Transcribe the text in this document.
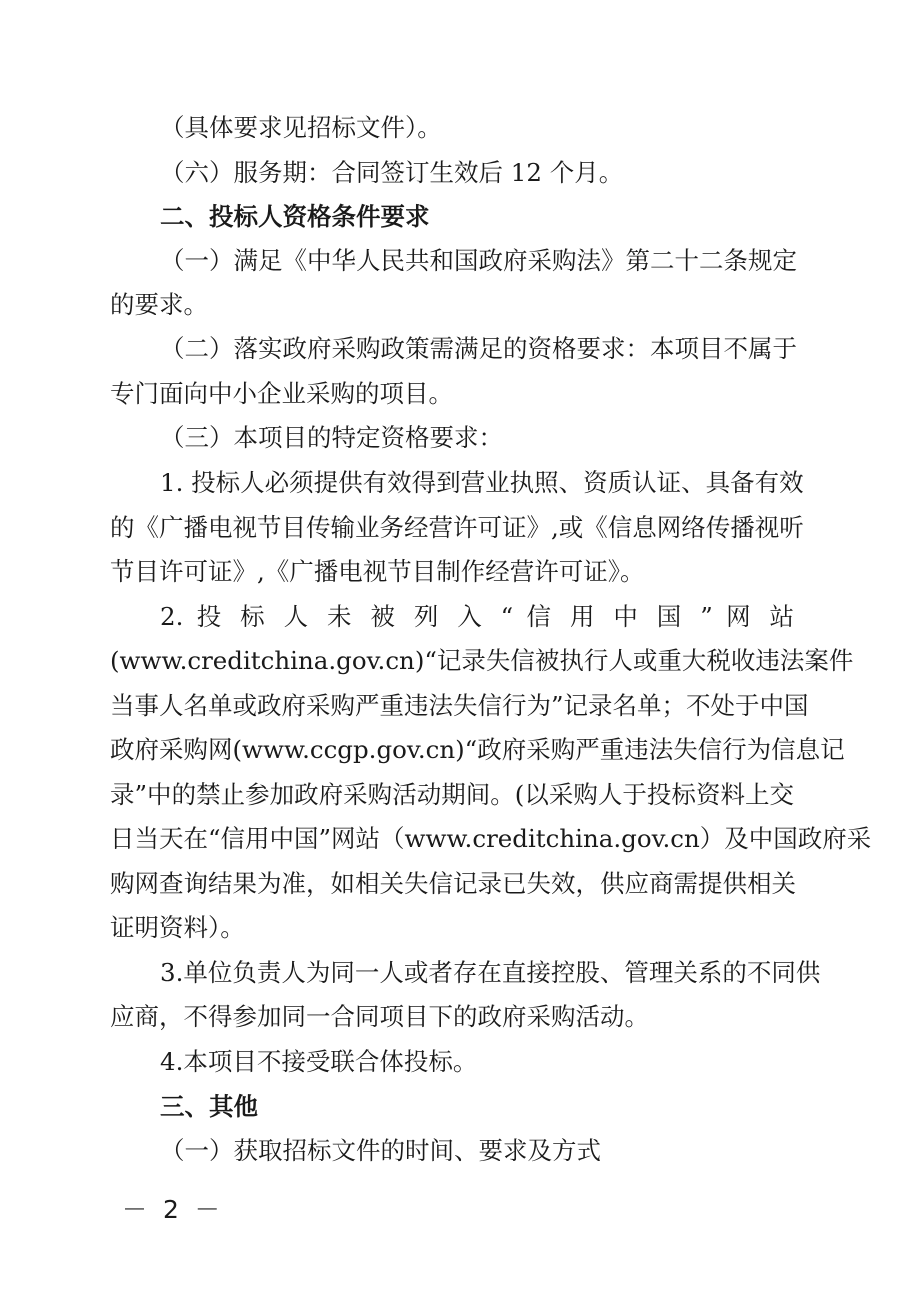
（具体要求见招标文件）。
（六）服务期：合同签订生效后 12 个月。
二、投标人资格条件要求
（一）满足《中华人民共和国政府采购法》第二十二条规定
的要求。
（二）落实政府采购政策需满足的资格要求：本项目不属于
专门面向中小企业采购的项目。
（三）本项目的特定资格要求：
1. 投标人必须提供有效得到营业执照、资质认证、具备有效
的《广播电视节目传输业务经营许可证》,或《信息网络传播视听
节目许可证》,《广播电视节目制作经营许可证》。
2. 投 标 人 未 被 列 入 “ 信 用 中 国 ” 网 站
(www.creditchina.gov.cn)“记录失信被执行人或重大税收违法案件
当事人名单或政府采购严重违法失信行为”记录名单；不处于中国
政府采购网(www.ccgp.gov.cn)“政府采购严重违法失信行为信息记
录”中的禁止参加政府采购活动期间。(以采购人于投标资料上交
日当天在“信用中国”网站（www.creditchina.gov.cn）及中国政府采
购网查询结果为准，如相关失信记录已失效，供应商需提供相关
证明资料）。
3.单位负责人为同一人或者存在直接控股、管理关系的不同供
应商，不得参加同一合同项目下的政府采购活动。
4.本项目不接受联合体投标。
三、其他
（一）获取招标文件的时间、要求及方式
－ 2 －
